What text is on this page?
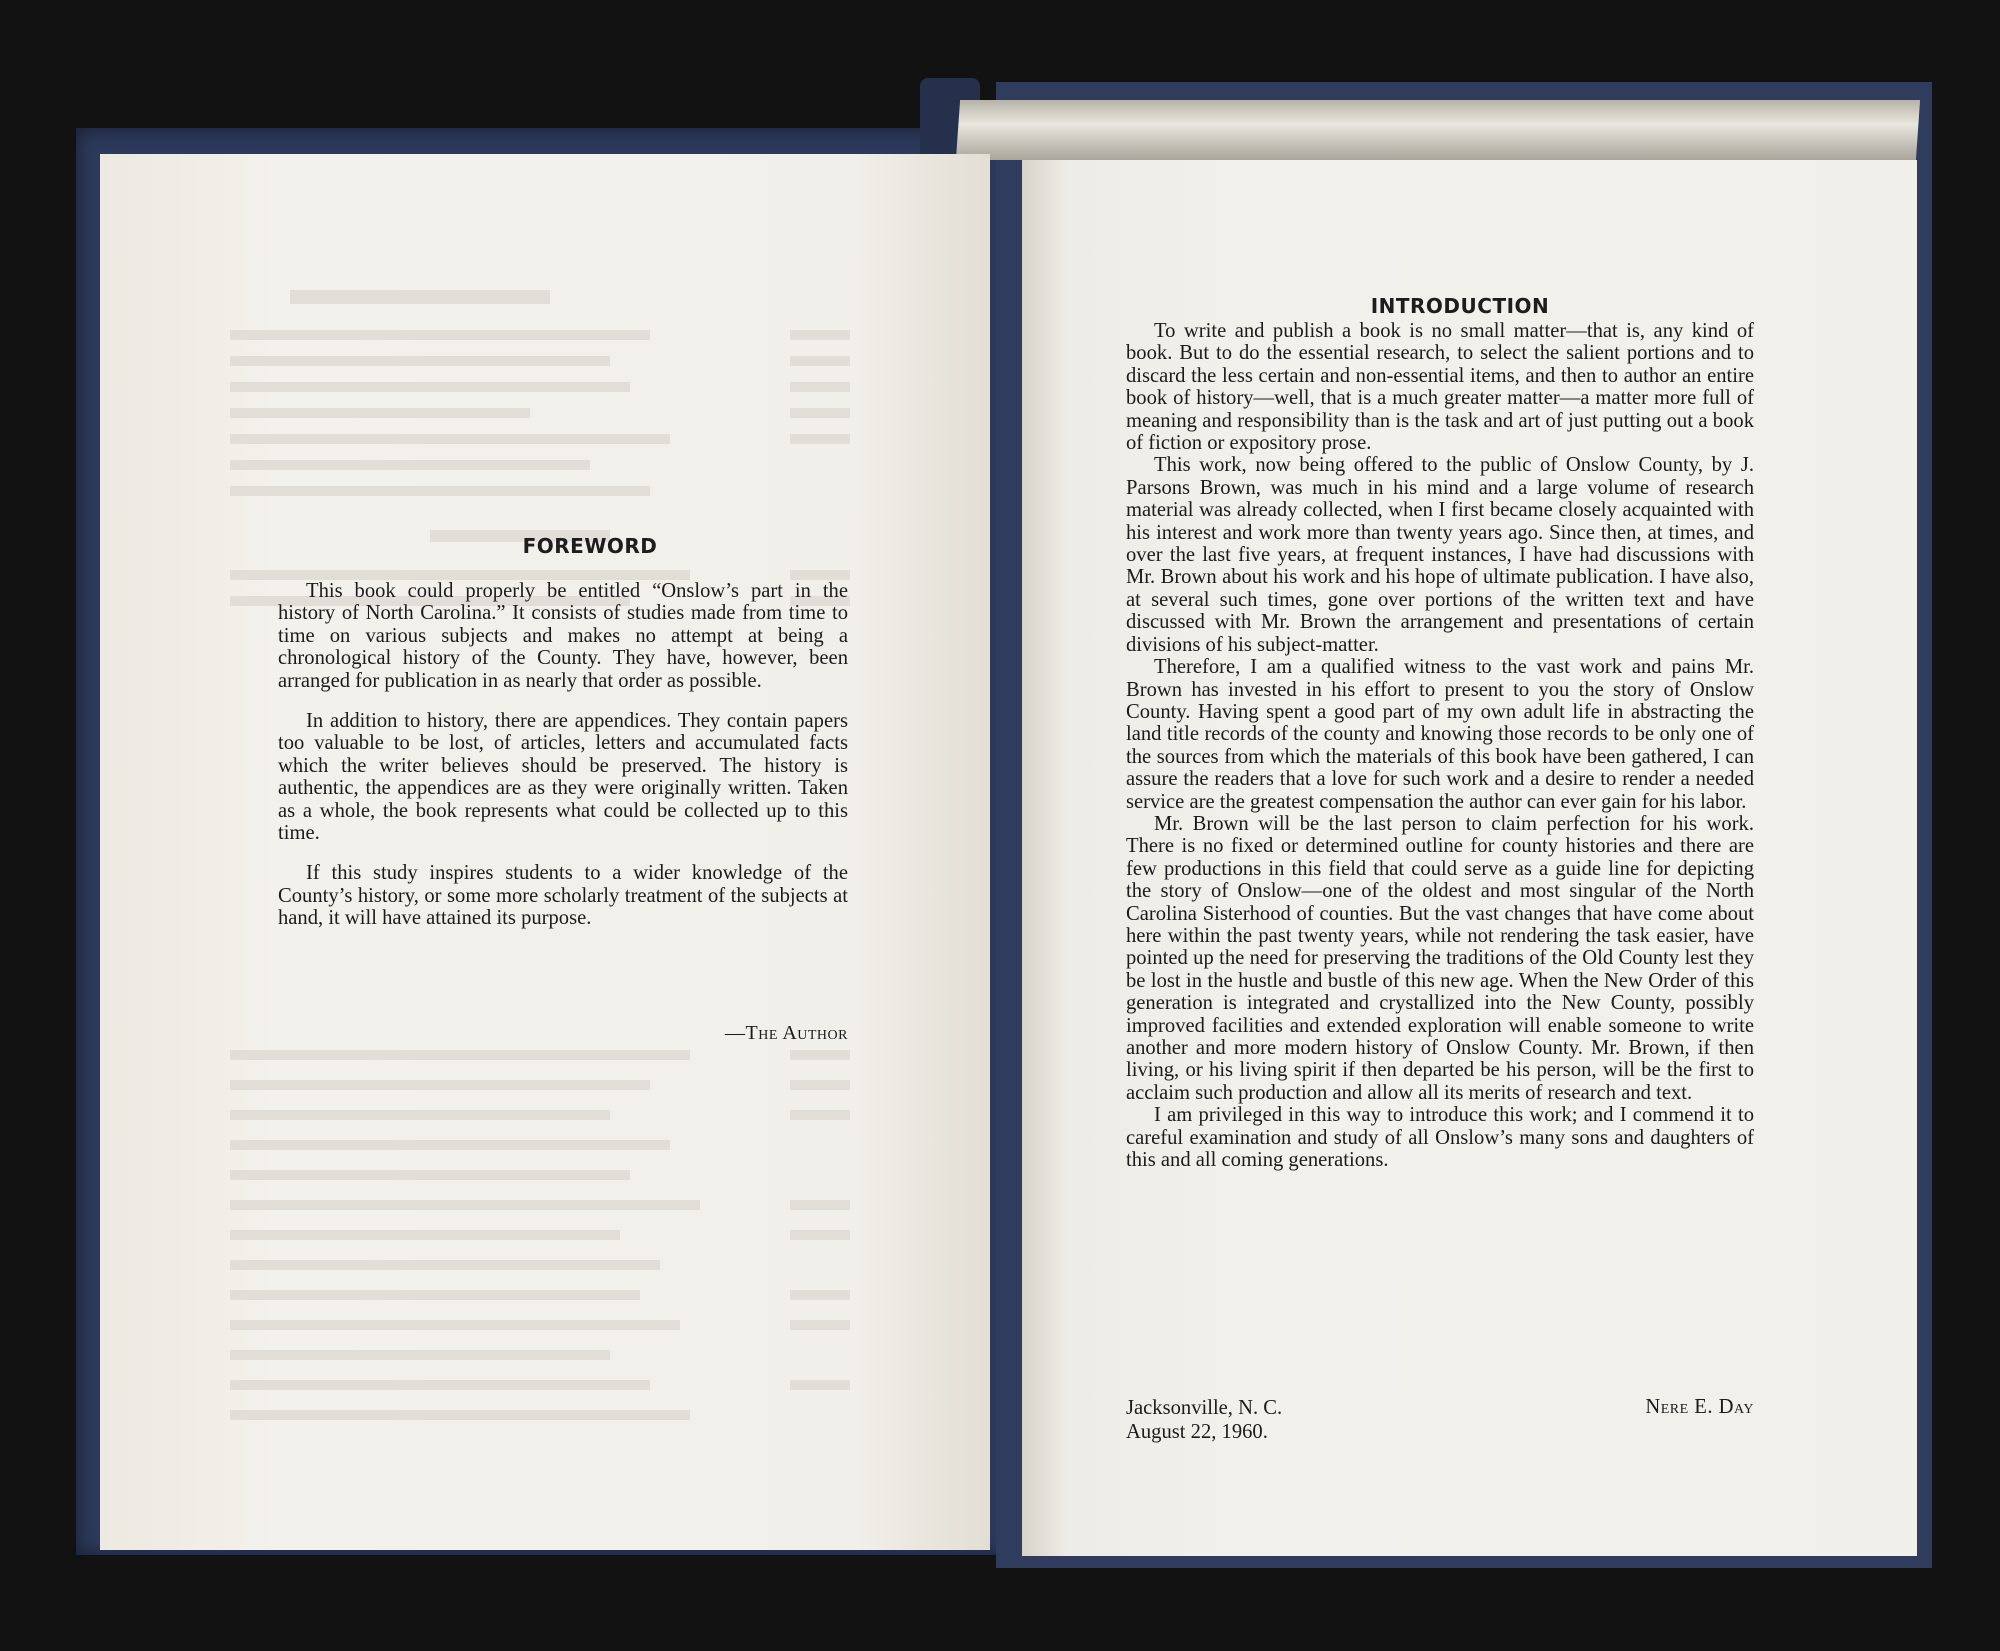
FOREWORD

This book could properly be entitled “Onslow’s part in the history of North Carolina.” It consists of studies made from time to time on various subjects and makes no attempt at being a chronological history of the County. They have, however, been arranged for publication in as nearly that order as possible.

In addition to history, there are appendices. They contain papers too valuable to be lost, of articles, letters and accumulated facts which the writer believes should be preserved. The history is authentic, the appendices are as they were originally written. Taken as a whole, the book represents what could be collected up to this time.

If this study inspires students to a wider knowledge of the County’s history, or some more scholarly treatment of the subjects at hand, it will have attained its purpose.

—The Author
INTRODUCTION

To write and publish a book is no small matter—that is, any kind of book. But to do the essential research, to select the salient portions and to discard the less certain and non-essential items, and then to author an entire book of history—well, that is a much greater matter—a matter more full of meaning and responsibility than is the task and art of just putting out a book of fiction or expository prose.

This work, now being offered to the public of Onslow County, by J. Parsons Brown, was much in his mind and a large volume of research material was already collected, when I first became closely acquainted with his interest and work more than twenty years ago. Since then, at times, and over the last five years, at frequent instances, I have had discussions with Mr. Brown about his work and his hope of ultimate publication. I have also, at several such times, gone over portions of the written text and have discussed with Mr. Brown the arrangement and presentations of certain divisions of his subject-matter.

Therefore, I am a qualified witness to the vast work and pains Mr. Brown has invested in his effort to present to you the story of Onslow County. Having spent a good part of my own adult life in abstracting the land title records of the county and knowing those records to be only one of the sources from which the materials of this book have been gathered, I can assure the readers that a love for such work and a desire to render a needed service are the greatest compensation the author can ever gain for his labor.

Mr. Brown will be the last person to claim perfection for his work. There is no fixed or determined outline for county histories and there are few productions in this field that could serve as a guide line for depicting the story of Onslow—one of the oldest and most singular of the North Carolina Sisterhood of counties. But the vast changes that have come about here within the past twenty years, while not rendering the task easier, have pointed up the need for preserving the traditions of the Old County lest they be lost in the hustle and bustle of this new age. When the New Order of this generation is integrated and crystallized into the New County, possibly improved facilities and extended exploration will enable someone to write another and more modern history of Onslow County. Mr. Brown, if then living, or his living spirit if then departed be his person, will be the first to acclaim such production and allow all its merits of research and text.

I am privileged in this way to introduce this work; and I commend it to careful examination and study of all Onslow’s many sons and daughters of this and all coming generations.

Jacksonville, N. C.
August 22, 1960.
Nere E. Day
